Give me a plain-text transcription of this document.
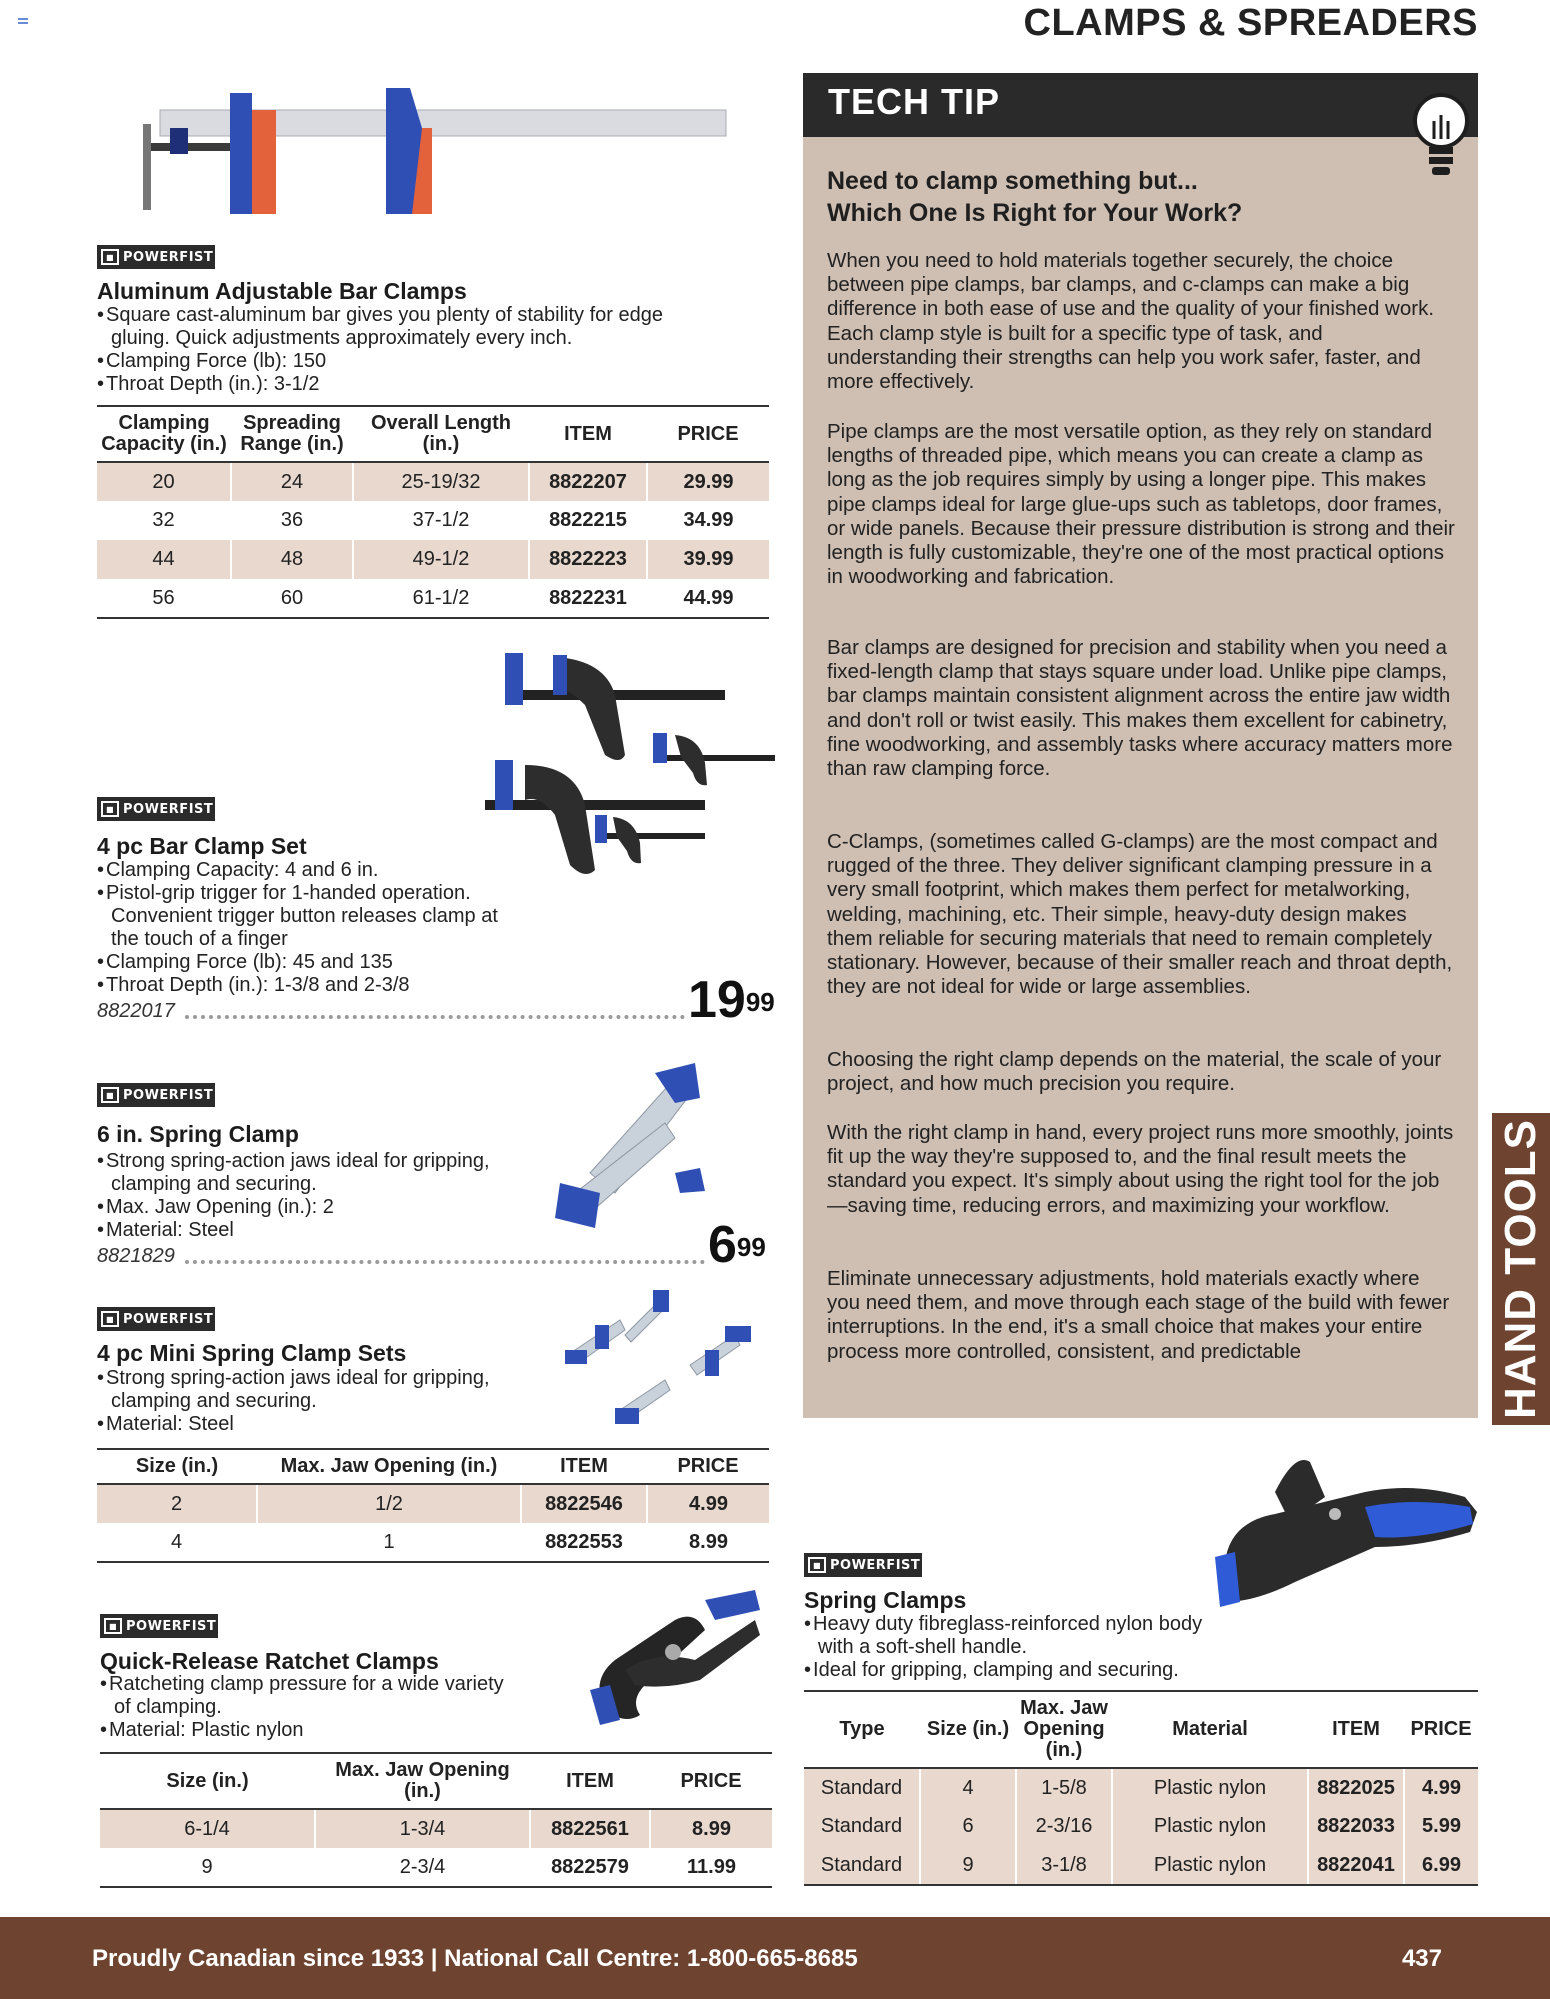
CLAMPS & SPREADERS
■ POWERFIST
Aluminum Adjustable Bar Clamps
• Square cast-aluminum bar gives you plenty of stability for edge gluing. Quick adjustments approximately every inch.
• Clamping Force (lb): 150
• Throat Depth (in.): 3-1/2
Clamping Capacity (in.)	Spreading Range (in.)	Overall Length (in.)	ITEM	PRICE
20	24	25-19/32	8822207	29.99
32	36	37-1/2	8822215	34.99
44	48	49-1/2	8822223	39.99
56	60	61-1/2	8822231	44.99
■ POWERFIST
4 pc Bar Clamp Set
• Clamping Capacity: 4 and 6 in.
• Pistol-grip trigger for 1-handed operation. Convenient trigger button releases clamp at the touch of a finger
• Clamping Force (lb): 45 and 135
• Throat Depth (in.): 1-3/8 and 2-3/8
8822017	$19^{99}$
■ POWERFIST
6 in. Spring Clamp
• Strong spring-action jaws ideal for gripping, clamping and securing.
• Max. Jaw Opening (in.): 2
• Material: Steel
8821829	$6^{99}$
■ POWERFIST
4 pc Mini Spring Clamp Sets
• Strong spring-action jaws ideal for gripping, clamping and securing.
• Material: Steel
Size (in.)	Max. Jaw Opening (in.)	ITEM	PRICE
2	1/2	8822546	4.99
4	1	8822553	8.99
■ POWERFIST
Quick-Release Ratchet Clamps
• Ratcheting clamp pressure for a wide variety of clamping.
• Material: Plastic nylon
Size (in.)	Max. Jaw Opening (in.)	ITEM	PRICE
6-1/4	1-3/4	8822561	8.99
9	2-3/4	8822579	11.99
TECH TIP
Need to clamp something but...
Which One Is Right for Your Work?
When you need to hold materials together securely, the choice between pipe clamps, bar clamps, and c-clamps can make a big difference in both ease of use and the quality of your finished work. Each clamp style is built for a specific type of task, and understanding their strengths can help you work safer, faster, and more effectively.
Pipe clamps are the most versatile option, as they rely on standard lengths of threaded pipe, which means you can create a clamp as long as the job requires simply by using a longer pipe. This makes pipe clamps ideal for large glue-ups such as tabletops, door frames, or wide panels. Because their pressure distribution is strong and their length is fully customizable, they're one of the most practical options in woodworking and fabrication.
Bar clamps are designed for precision and stability when you need a fixed-length clamp that stays square under load. Unlike pipe clamps, bar clamps maintain consistent alignment across the entire jaw width and don't roll or twist easily. This makes them excellent for cabinetry, fine woodworking, and assembly tasks where accuracy matters more than raw clamping force.
C-Clamps, (sometimes called G-clamps) are the most compact and rugged of the three. They deliver significant clamping pressure in a very small footprint, which makes them perfect for metalworking, welding, machining, etc. Their simple, heavy-duty design makes them reliable for securing materials that need to remain completely stationary. However, because of their smaller reach and throat depth, they are not ideal for wide or large assemblies.
Choosing the right clamp depends on the material, the scale of your project, and how much precision you require.
With the right clamp in hand, every project runs more smoothly, joints fit up the way they're supposed to, and the final result meets the standard you expect. It's simply about using the right tool for the job—saving time, reducing errors, and maximizing your workflow.
Eliminate unnecessary adjustments, hold materials exactly where you need them, and move through each stage of the build with fewer interruptions. In the end, it's a small choice that makes your entire process more controlled, consistent, and predictable
■ POWERFIST
Spring Clamps
• Heavy duty fibreglass-reinforced nylon body with a soft-shell handle.
• Ideal for gripping, clamping and securing.
Type	Size (in.)	Max. Jaw Opening (in.)	Material	ITEM	PRICE
Standard	4	1-5/8	Plastic nylon	8822025	4.99
Standard	6	2-3/16	Plastic nylon	8822033	5.99
Standard	9	3-1/8	Plastic nylon	8822041	6.99
HAND TOOLS
Proudly Canadian since 1933 | National Call Centre: 1-800-665-8685	437
